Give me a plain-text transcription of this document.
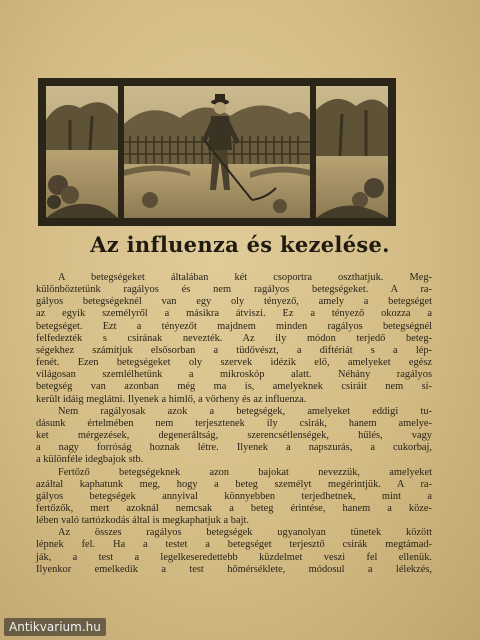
Az influenza és kezelése.
A betegségeket általában két csoportra oszthatjuk. Meg-
különböztetünk ragályos és nem ragályos betegségeket. A ra-
gályos betegségeknél van egy oly tényező, amely a betegséget
az egyik személyről a másikra átviszi. Ez a tényező okozza a
betegséget. Ezt a tényezőt majdnem minden ragályos betegségnél
felfedezték s csirának nevezték. Az ily módon terjedő beteg-
ségekhez számítjuk elsősorban a tüdővészt, a diftériát s a lép-
fenét. Ezen betegségeket oly szervek idézik elő, amelyeket egész
világosan szemlélhetünk a mikroskóp alatt. Néhány ragályos
betegség van azonban még ma is, amelyeknek csiráit nem si-
került idáig meglátni. Ilyenek a himlő, a vörheny és az influenza.
Nem ragályosak azok a betegségek, amelyeket eddigi tu-
dásunk értelmében nem terjesztenek ily csirák, hanem amelye-
ket mérgezések, degeneráltság, szerencsétlenségek, hűlés, vagy
a nagy forróság hoznak létre. Ilyenek a napszurás, a cukorbaj,
a különféle idegbajok stb.
Fertőző betegségeknek azon bajokat nevezzük, amelyeket
azáltal kaphatunk meg, hogy a beteg személyt megérintjük. A ra-
gályos betegségek annyival könnyebben terjedhetnek, mint a
fertőzők, mert azoknál nemcsak a beteg érintése, hanem a köze-
lében való tartózkodás által is megkaphatjuk a bajt.
Az összes ragályos betegségek ugyanolyan tünetek között
lépnek fel. Ha a testet a betegséget terjesztő csirák megtámad-
ják, a test a legelkeseredettebb küzdelmet veszi fel ellenük.
Ilyenkor emelkedik a test hőmérséklete, módosul a lélekzés,
Antikvarium.hu
